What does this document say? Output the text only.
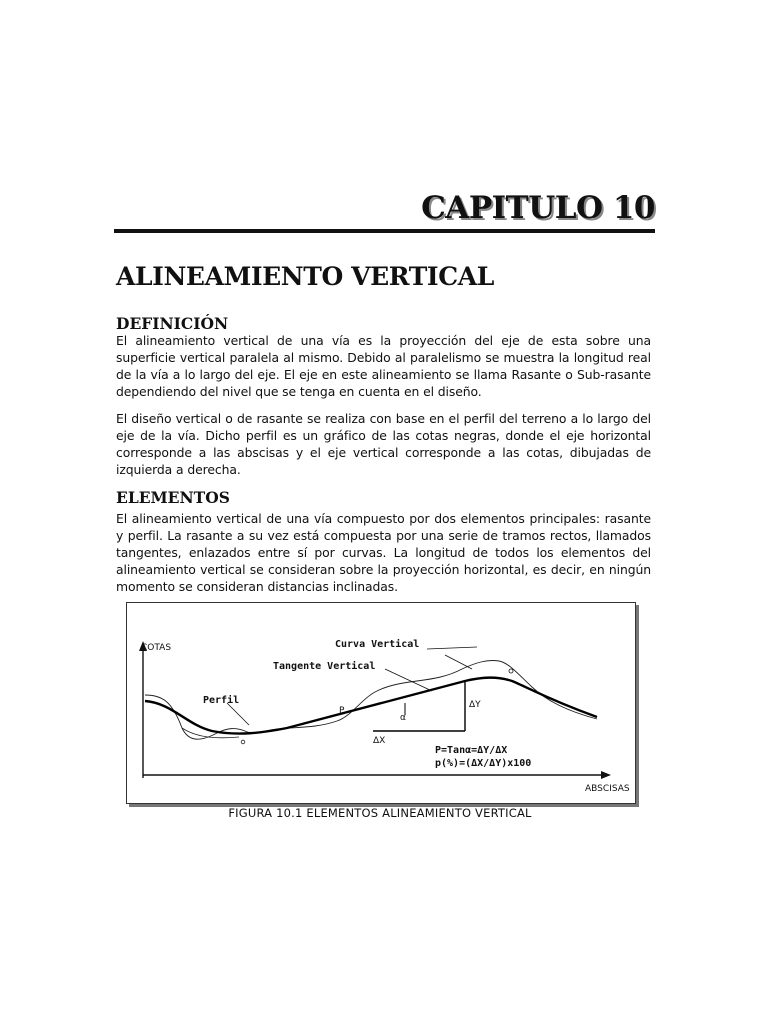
CAPITULO 10
ALINEAMIENTO VERTICAL
DEFINICIÓN
El alineamiento vertical de una vía es la proyección del eje de esta sobre una superficie vertical paralela al mismo. Debido al paralelismo se muestra la longitud real de la vía a lo largo del eje. El eje en este alineamiento se llama Rasante o Sub-rasante dependiendo del nivel que se tenga en cuenta en el diseño.
El diseño vertical o de rasante se realiza con base en el perfil del terreno a lo largo del eje de la vía. Dicho perfil es un gráfico de las cotas negras, donde el eje horizontal corresponde a las abscisas y el eje vertical corresponde a las cotas, dibujadas de izquierda a derecha.
ELEMENTOS
El alineamiento vertical de una vía compuesto por dos elementos principales: rasante y perfil. La rasante a su vez está compuesta por una serie de tramos rectos, llamados tangentes, enlazados entre sí por curvas. La longitud de todos los elementos del alineamiento vertical se consideran sobre la proyección horizontal, es decir, en ningún momento se consideran distancias inclinadas.
COTAS
ABSCISAS
Curva Vertical
Tangente Vertical
Perfil
P
α
ΔY
ΔX
P=Tanα=ΔY/ΔX
p(%)=(ΔX/ΔY)x100
FIGURA 10.1 ELEMENTOS ALINEAMIENTO VERTICAL
